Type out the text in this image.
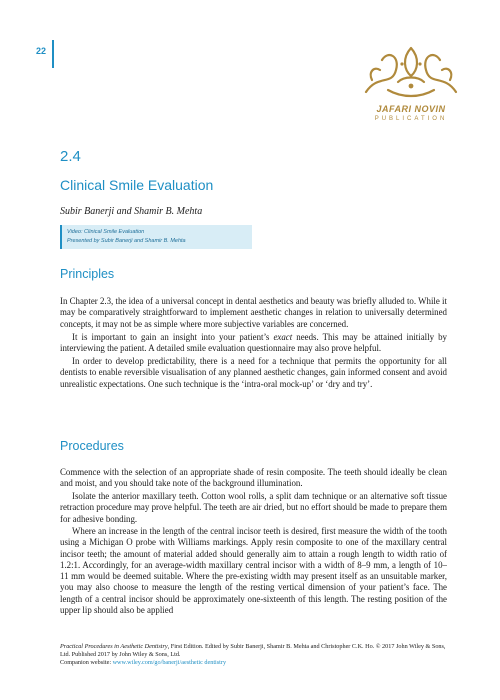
22
JAFARI NOVIN
PUBLICATION
2.4
Clinical Smile Evaluation
Subir Banerji and Shamir B. Mehta
Video: Clinical Smile Evaluation
Presented by Subir Banerji and Shamir B. Mehta
Principles

In Chapter 2.3, the idea of a universal concept in dental aesthetics and beauty was briefly alluded to. While it may be comparatively straightforward to implement aesthetic changes in relation to universally determined concepts, it may not be as simple where more subjective variables are concerned.

It is important to gain an insight into your patient’s exact needs. This may be attained initially by interviewing the patient. A detailed smile evaluation questionnaire may also prove helpful.

In order to develop predictability, there is a need for a technique that permits the opportunity for all dentists to enable reversible visualisation of any planned aesthetic changes, gain informed consent and avoid unrealistic expectations. One such technique is the ‘intra-oral mock-up’ or ‘dry and try’.

Procedures

Commence with the selection of an appropriate shade of resin composite. The teeth should ideally be clean and moist, and you should take note of the background illumination.

Isolate the anterior maxillary teeth. Cotton wool rolls, a split dam technique or an alternative soft tissue retraction procedure may prove helpful. The teeth are air dried, but no effort should be made to prepare them for adhesive bonding.

Where an increase in the length of the central incisor teeth is desired, first measure the width of the tooth using a Michigan O probe with Williams markings. Apply resin composite to one of the maxillary central incisor teeth; the amount of material added should generally aim to attain a rough length to width ratio of 1.2:1. Accordingly, for an average-width maxillary central incisor with a width of 8–9 mm, a length of 10–11 mm would be deemed suitable. Where the pre-existing width may present itself as an unsuitable marker, you may also choose to measure the length of the resting vertical dimension of your patient’s face. The length of a central incisor should be approximately one-sixteenth of this length. The resting position of the upper lip should also be applied

Practical Procedures in Aesthetic Dentistry, First Edition. Edited by Subir Banerji, Shamir B. Mehta and Christopher C.K. Ho. © 2017 John Wiley & Sons, Ltd. Published 2017 by John Wiley & Sons, Ltd.
Companion website: www.wiley.com/go/banerji/aesthetic dentistry
